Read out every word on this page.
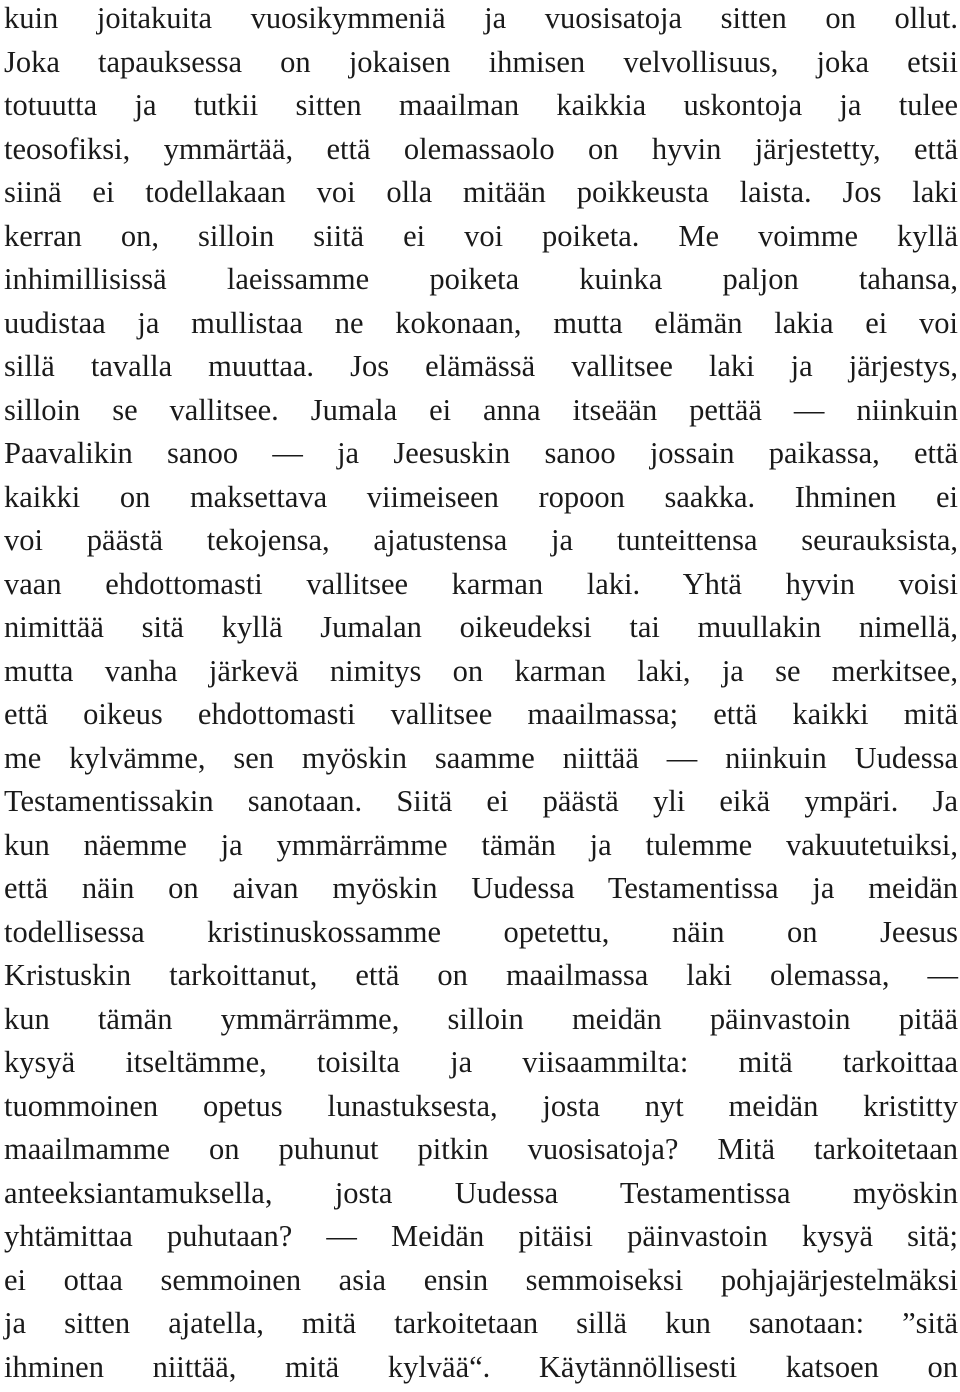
kuin joitakuita vuosikymmeniä ja vuosisatoja sitten on ollut.
Joka tapauksessa on jokaisen ihmisen velvollisuus, joka etsii
totuutta ja tutkii sitten maailman kaikkia uskontoja ja tulee
teosofiksi, ymmärtää, että olemassaolo on hyvin järjestetty, että
siinä ei todellakaan voi olla mitään poikkeusta laista. Jos laki
kerran on, silloin siitä ei voi poiketa. Me voimme kyllä
inhimillisissä laeissamme poiketa kuinka paljon tahansa,
uudistaa ja mullistaa ne kokonaan, mutta elämän lakia ei voi
sillä tavalla muuttaa. Jos elämässä vallitsee laki ja järjestys,
silloin se vallitsee. Jumala ei anna itseään pettää — niinkuin
Paavalikin sanoo — ja Jeesuskin sanoo jossain paikassa, että
kaikki on maksettava viimeiseen ropoon saakka. Ihminen ei
voi päästä tekojensa, ajatustensa ja tunteittensa seurauksista,
vaan ehdottomasti vallitsee karman laki. Yhtä hyvin voisi
nimittää sitä kyllä Jumalan oikeudeksi tai muullakin nimellä,
mutta vanha järkevä nimitys on karman laki, ja se merkitsee,
että oikeus ehdottomasti vallitsee maailmassa; että kaikki mitä
me kylvämme, sen myöskin saamme niittää — niinkuin Uudessa
Testamentissakin sanotaan. Siitä ei päästä yli eikä ympäri. Ja
kun näemme ja ymmärrämme tämän ja tulemme vakuutetuiksi,
että näin on aivan myöskin Uudessa Testamentissa ja meidän
todellisessa kristinuskossamme opetettu, näin on Jeesus
Kristuskin tarkoittanut, että on maailmassa laki olemassa, —
kun tämän ymmärrämme, silloin meidän päinvastoin pitää
kysyä itseltämme, toisilta ja viisaammilta: mitä tarkoittaa
tuommoinen opetus lunastuksesta, josta nyt meidän kristitty
maailmamme on puhunut pitkin vuosisatoja? Mitä tarkoitetaan
anteeksiantamuksella, josta Uudessa Testamentissa myöskin
yhtämittaa puhutaan? — Meidän pitäisi päinvastoin kysyä sitä;
ei ottaa semmoinen asia ensin semmoiseksi pohjajärjestelmäksi
ja sitten ajatella, mitä tarkoitetaan sillä kun sanotaan: ”sitä
ihminen niittää, mitä kylvää“. Käytännöllisesti katsoen on
